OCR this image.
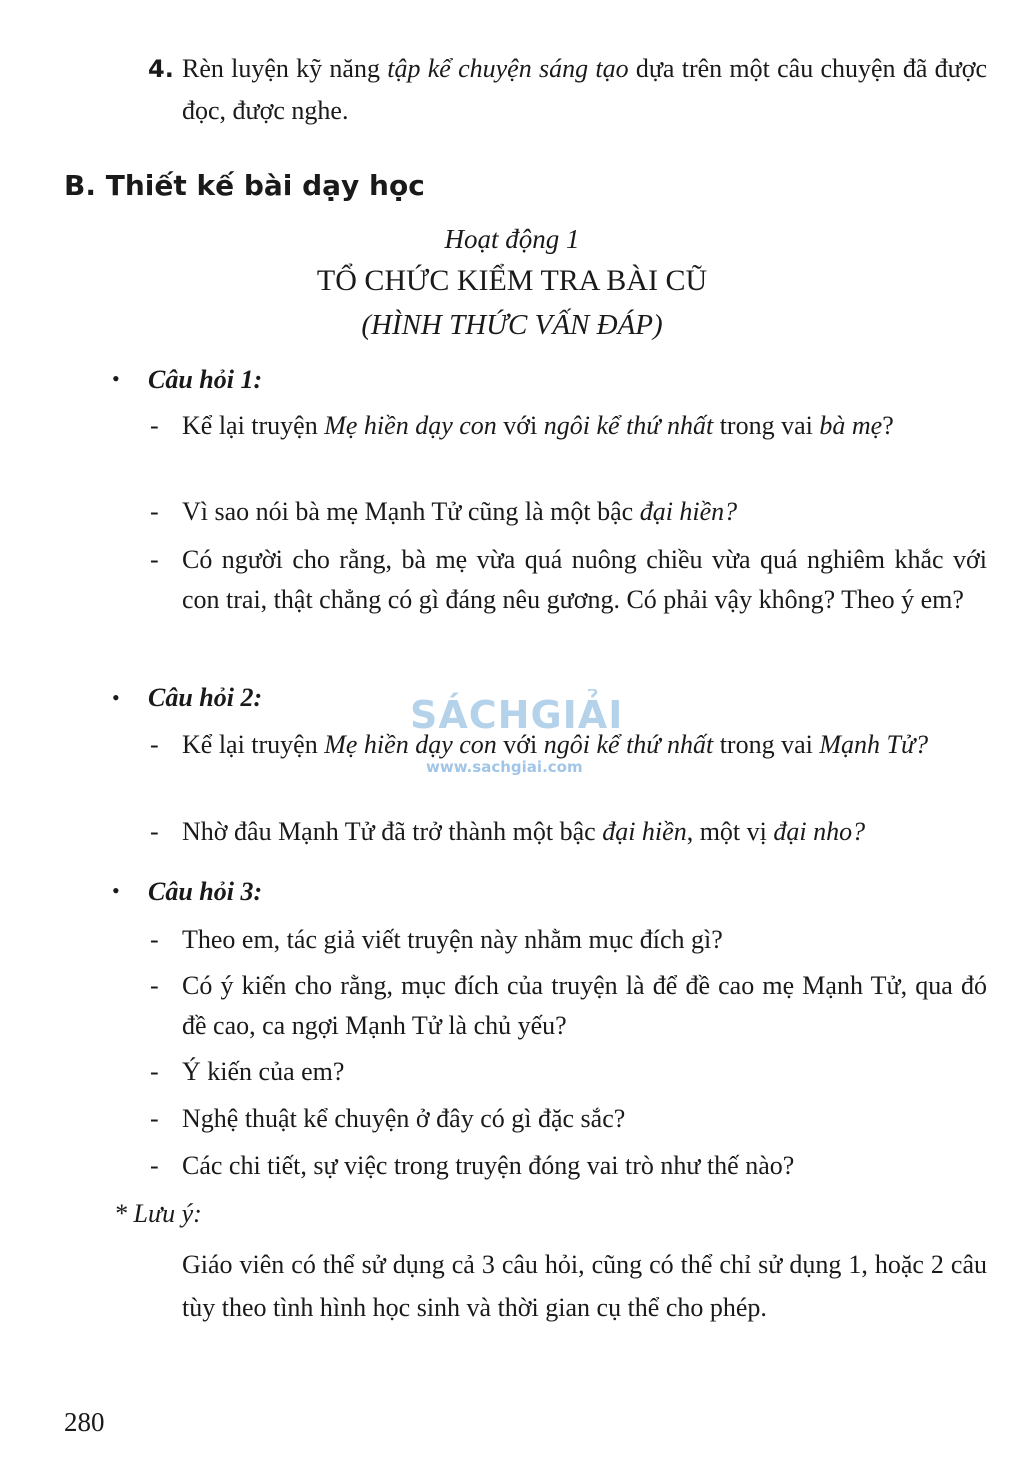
4. Rèn luyện kỹ năng tập kể chuyện sáng tạo dựa trên một câu chuyện đã được đọc, được nghe.
B. Thiết kế bài dạy học
Hoạt động 1
TỔ CHỨC KIỂM TRA BÀI CŨ
(HÌNH THỨC VẤN ĐÁP)
• Câu hỏi 1:
- Kể lại truyện Mẹ hiền dạy con với ngôi kể thứ nhất trong vai bà mẹ?
- Vì sao nói bà mẹ Mạnh Tử cũng là một bậc đại hiền?
- Có người cho rằng, bà mẹ vừa quá nuông chiều vừa quá nghiêm khắc với con trai, thật chẳng có gì đáng nêu gương. Có phải vậy không? Theo ý em?
• Câu hỏi 2:
- Kể lại truyện Mẹ hiền dạy con với ngôi kể thứ nhất trong vai Mạnh Tử?
- Nhờ đâu Mạnh Tử đã trở thành một bậc đại hiền, một vị đại nho?
• Câu hỏi 3:
- Theo em, tác giả viết truyện này nhằm mục đích gì?
- Có ý kiến cho rằng, mục đích của truyện là để đề cao mẹ Mạnh Tử, qua đó đề cao, ca ngợi Mạnh Tử là chủ yếu?
- Ý kiến của em?
- Nghệ thuật kể chuyện ở đây có gì đặc sắc?
- Các chi tiết, sự việc trong truyện đóng vai trò như thế nào?
* Lưu ý:
Giáo viên có thể sử dụng cả 3 câu hỏi, cũng có thể chỉ sử dụng 1, hoặc 2 câu tùy theo tình hình học sinh và thời gian cụ thể cho phép.
SÁCHGIẢI
www.sachgiai.com
280
